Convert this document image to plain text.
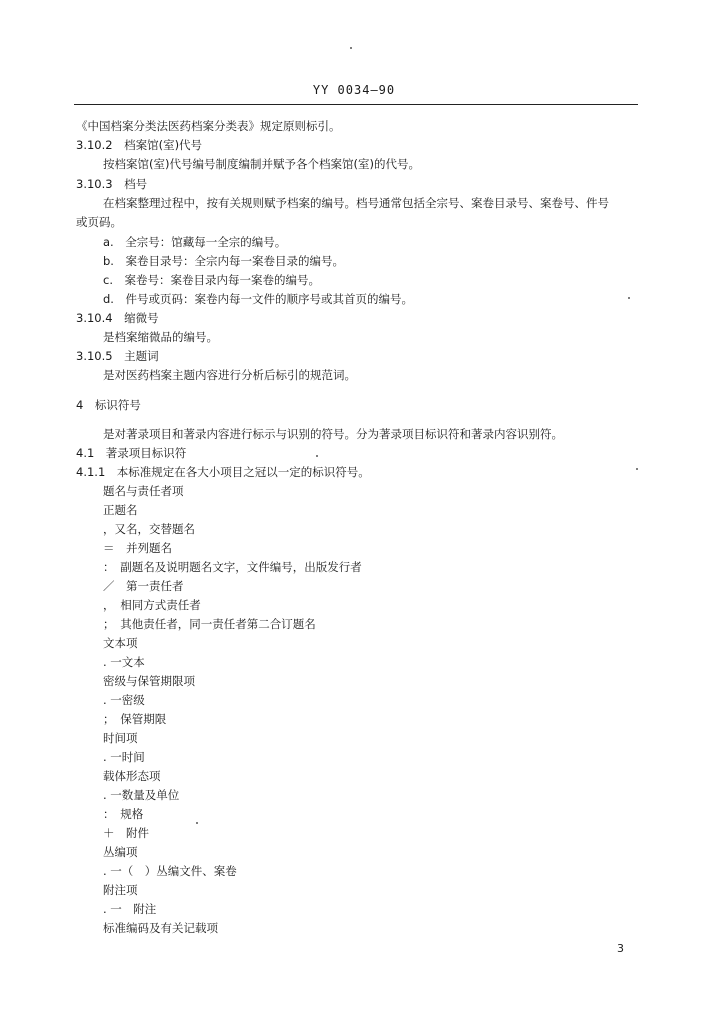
YY 0034—90
《中国档案分类法医药档案分类表》规定原则标引。
3.10.2　档案馆(室)代号
按档案馆(室)代号编号制度编制并赋予各个档案馆(室)的代号。
3.10.3　档号
在档案整理过程中，按有关规则赋予档案的编号。档号通常包括全宗号、案卷目录号、案卷号、件号
或页码。
a.　全宗号：馆藏每一全宗的编号。
b.　案卷目录号：全宗内每一案卷目录的编号。
c.　案卷号：案卷目录内每一案卷的编号。
d.　件号或页码：案卷内每一文件的顺序号或其首页的编号。
3.10.4　缩微号
是档案缩微品的编号。
3.10.5　主题词
是对医药档案主题内容进行分析后标引的规范词。
4　标识符号
是对著录项目和著录内容进行标示与识别的符号。分为著录项目标识符和著录内容识别符。
4.1　著录项目标识符
4.1.1　本标准规定在各大小项目之冠以一定的标识符号。
题名与责任者项
正题名
，又名，交替题名
＝　并列题名
：　副题名及说明题名文字，文件编号，出版发行者
／　第一责任者
，　相同方式责任者
；　其他责任者，同一责任者第二合订题名
文本项
. 一文本
密级与保管期限项
. 一密级
；　保管期限
时间项
. 一时间
载体形态项
. 一数量及单位
：　规格
＋　附件
丛编项
. 一（　）丛编文件、案卷
附注项
. 一　附注
标准编码及有关记载项
3
